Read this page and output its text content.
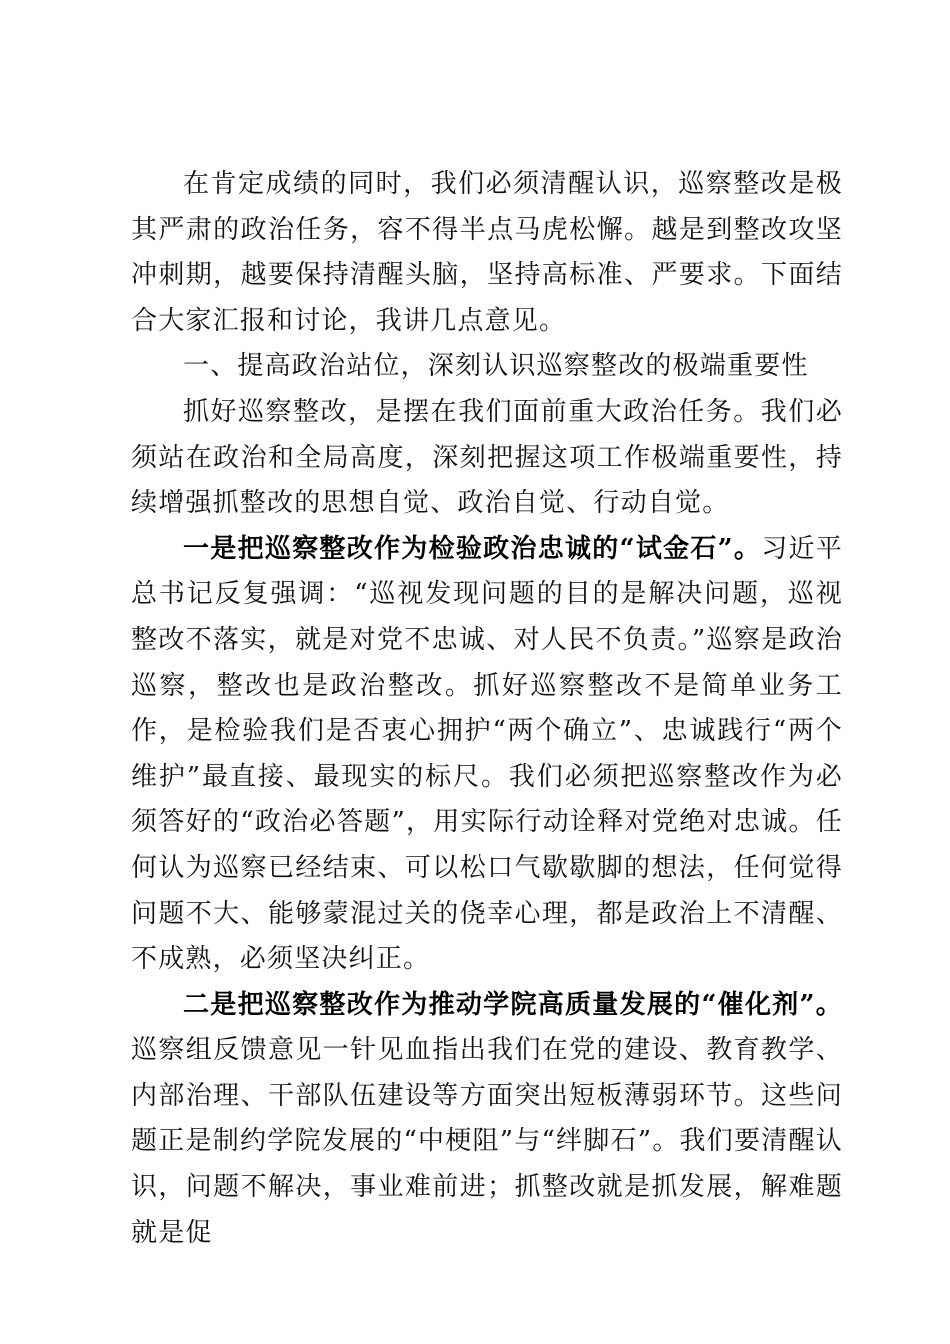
在肯定成绩的同时，我们必须清醒认识，巡察整改是极其严肃的政治任务，容不得半点马虎松懈。越是到整改攻坚冲刺期，越要保持清醒头脑，坚持高标准、严要求。下面结合大家汇报和讨论，我讲几点意见。

一、提高政治站位，深刻认识巡察整改的极端重要性

抓好巡察整改，是摆在我们面前重大政治任务。我们必须站在政治和全局高度，深刻把握这项工作极端重要性，持续增强抓整改的思想自觉、政治自觉、行动自觉。

一是把巡察整改作为检验政治忠诚的“试金石”。习近平总书记反复强调：“巡视发现问题的目的是解决问题，巡视整改不落实，就是对党不忠诚、对人民不负责。”巡察是政治巡察，整改也是政治整改。抓好巡察整改不是简单业务工作，是检验我们是否衷心拥护“两个确立”、忠诚践行“两个维护”最直接、最现实的标尺。我们必须把巡察整改作为必须答好的“政治必答题”，用实际行动诠释对党绝对忠诚。任何认为巡察已经结束、可以松口气歇歇脚的想法，任何觉得问题不大、能够蒙混过关的侥幸心理，都是政治上不清醒、不成熟，必须坚决纠正。

二是把巡察整改作为推动学院高质量发展的“催化剂”。巡察组反馈意见一针见血指出我们在党的建设、教育教学、内部治理、干部队伍建设等方面突出短板薄弱环节。这些问题正是制约学院发展的“中梗阻”与“绊脚石”。我们要清醒认识，问题不解决，事业难前进；抓整改就是抓发展，解难题就是促
